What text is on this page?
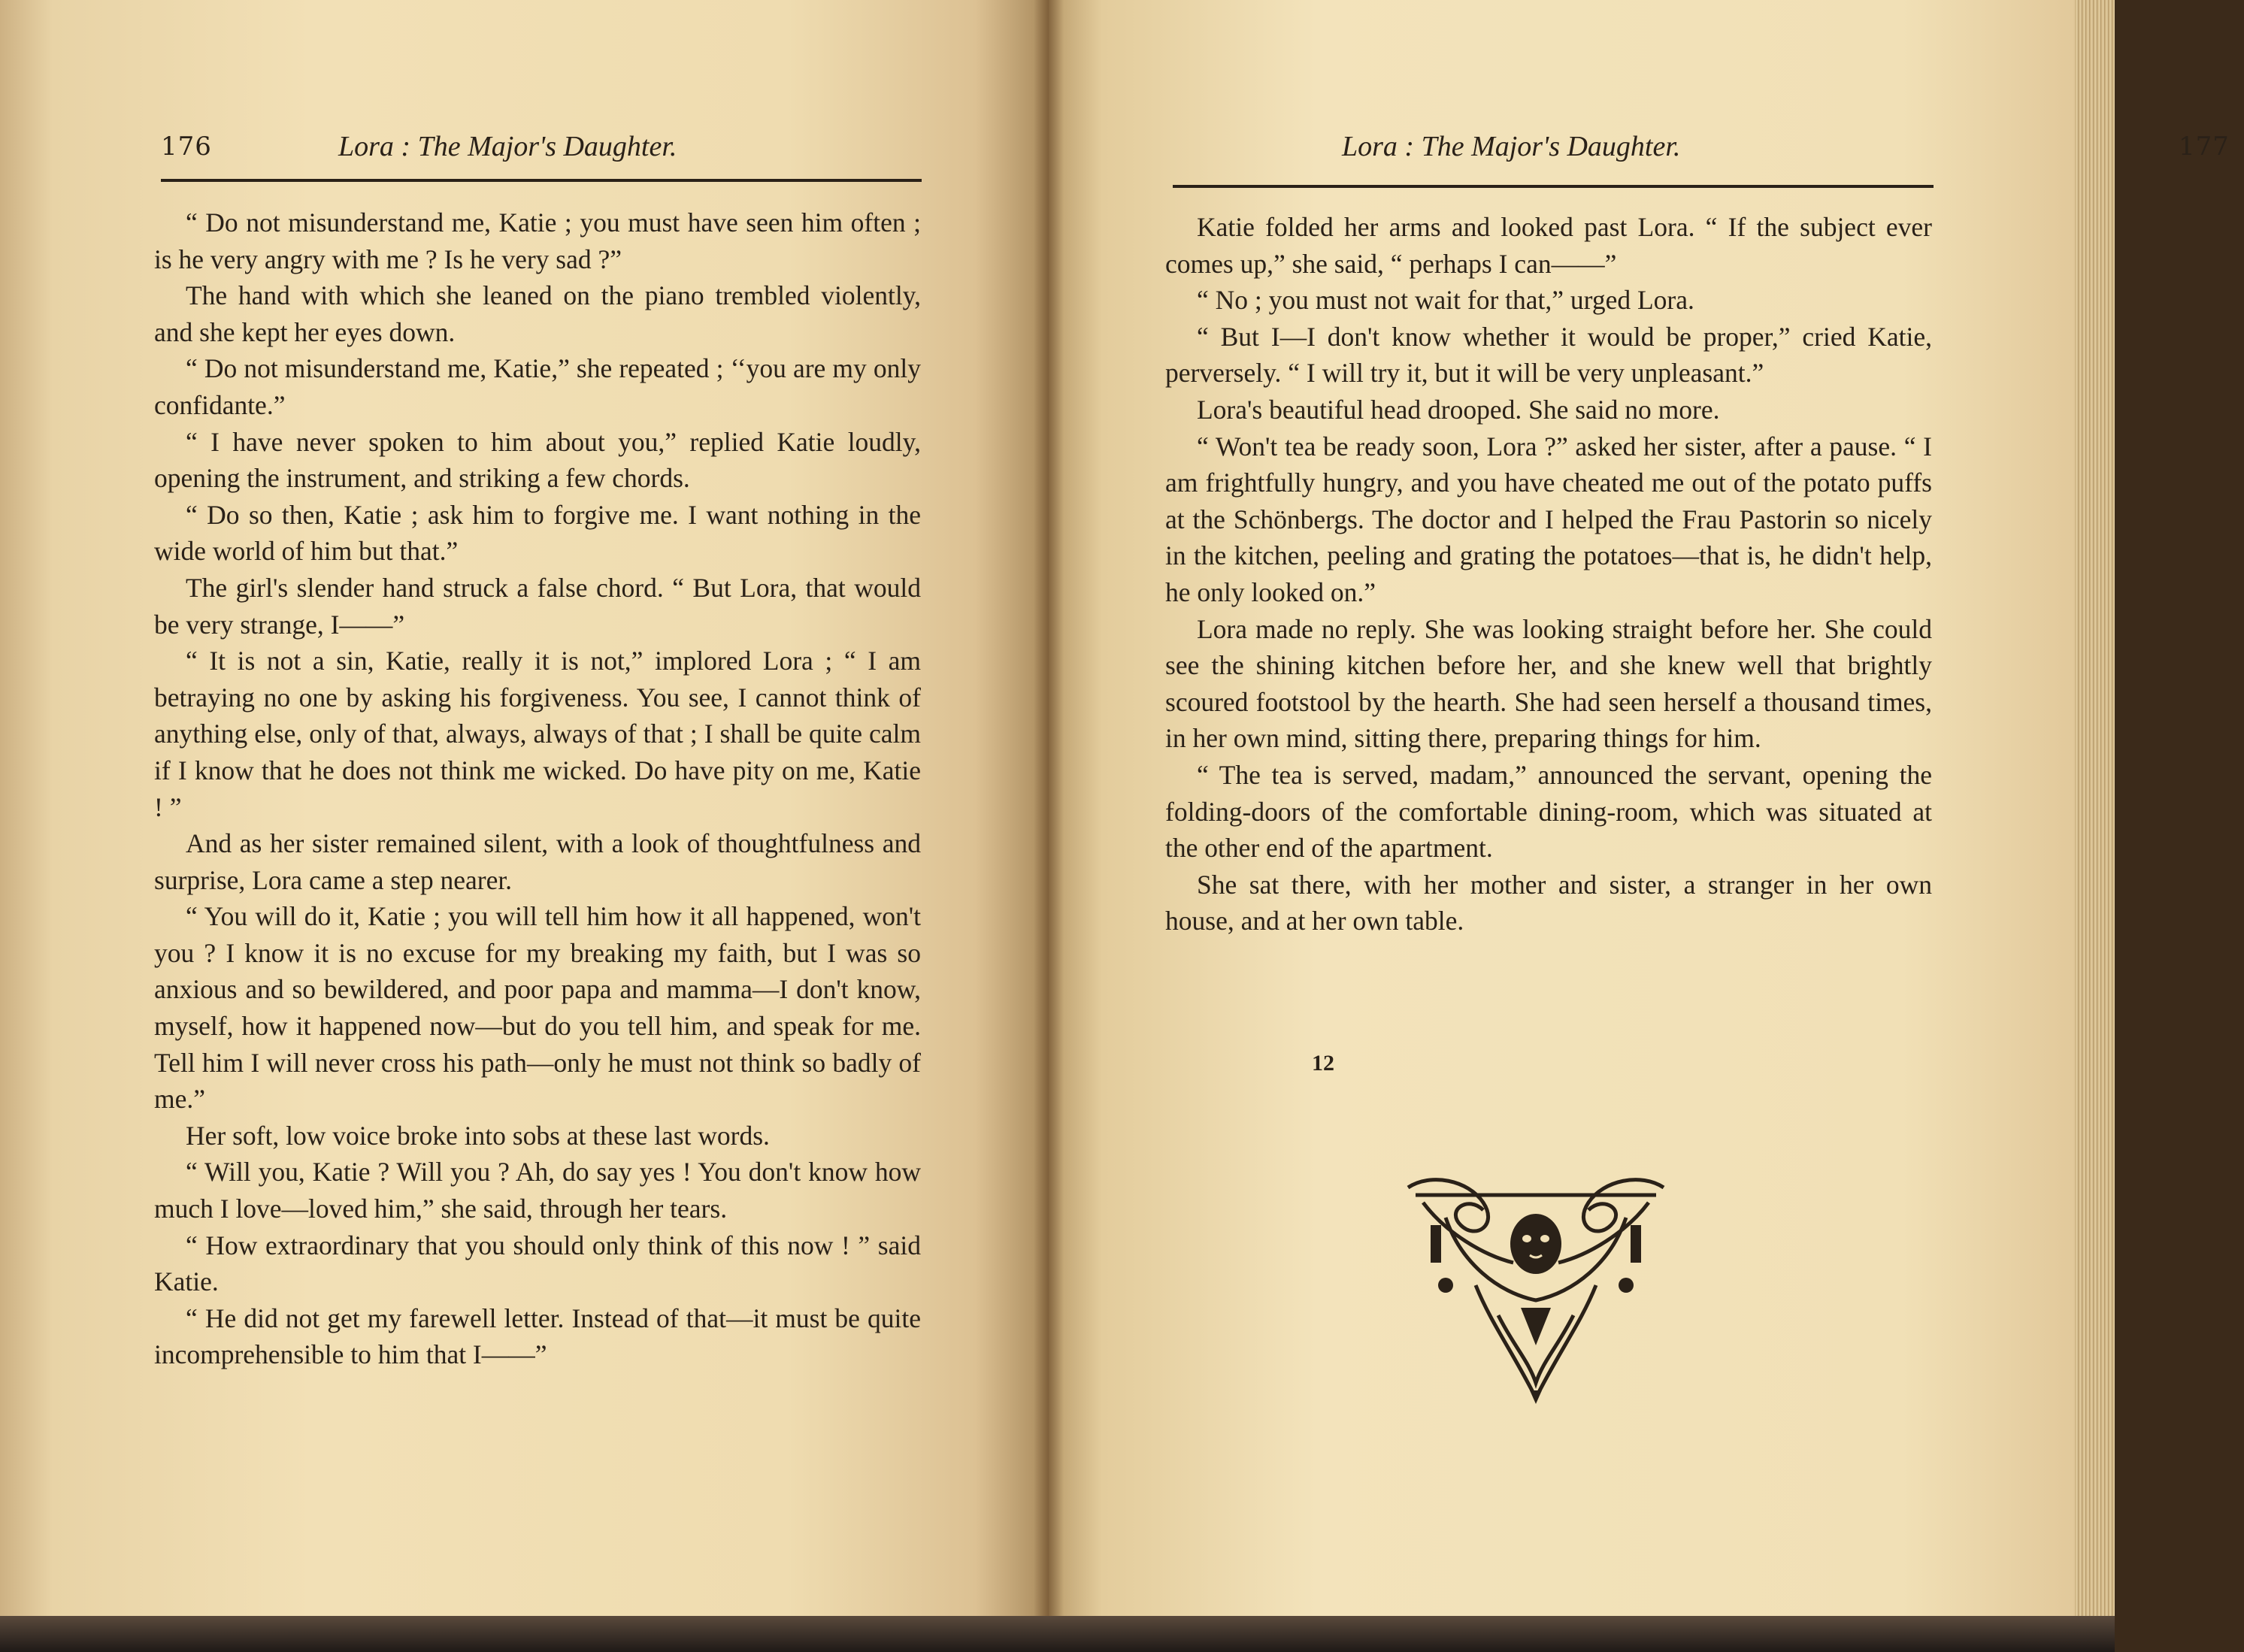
176	Lora : The Major's Daughter.

“ Do not misunderstand me, Katie ; you must have seen him often ; is he very angry with me ? Is he very sad ?”

The hand with which she leaned on the piano trembled violently, and she kept her eyes down.

“ Do not misunderstand me, Katie,” she repeated ; ‘‘you are my only confidante.”

“ I have never spoken to him about you,” replied Katie loudly, opening the instrument, and striking a few chords.

“ Do so then, Katie ; ask him to forgive me. I want nothing in the wide world of him but that.”

The girl's slender hand struck a false chord. “ But Lora, that would be very strange, I——”

“ It is not a sin, Katie, really it is not,” implored Lora ; “ I am betraying no one by asking his forgiveness. You see, I cannot think of anything else, only of that, always, always of that ; I shall be quite calm if I know that he does not think me wicked. Do have pity on me, Katie ! ”

And as her sister remained silent, with a look of thoughtfulness and surprise, Lora came a step nearer.

“ You will do it, Katie ; you will tell him how it all happened, won't you ? I know it is no excuse for my breaking my faith, but I was so anxious and so bewildered, and poor papa and mamma—I don't know, myself, how it happened now—but do you tell him, and speak for me. Tell him I will never cross his path—only he must not think so badly of me.”

Her soft, low voice broke into sobs at these last words.

“ Will you, Katie ? Will you ? Ah, do say yes ! You don't know how much I love—loved him,” she said, through her tears.

“ How extraordinary that you should only think of this now ! ” said Katie.

“ He did not get my farewell letter. Instead of that—it must be quite incomprehensible to him that I——”

Lora : The Major's Daughter.	177

Katie folded her arms and looked past Lora. “ If the subject ever comes up,” she said, “ perhaps I can——”

“ No ; you must not wait for that,” urged Lora.

“ But I—I don't know whether it would be proper,” cried Katie, perversely. “ I will try it, but it will be very unpleasant.”

Lora's beautiful head drooped. She said no more.

“ Won't tea be ready soon, Lora ?” asked her sister, after a pause. “ I am frightfully hungry, and you have cheated me out of the potato puffs at the Schönbergs. The doctor and I helped the Frau Pastorin so nicely in the kitchen, peeling and grating the potatoes—that is, he didn't help, he only looked on.”

Lora made no reply. She was looking straight before her. She could see the shining kitchen before her, and she knew well that brightly scoured footstool by the hearth. She had seen herself a thousand times, in her own mind, sitting there, preparing things for him.

“ The tea is served, madam,” announced the servant, opening the folding-doors of the comfortable dining-room, which was situated at the other end of the apartment.

She sat there, with her mother and sister, a stranger in her own house, and at her own table.

12
